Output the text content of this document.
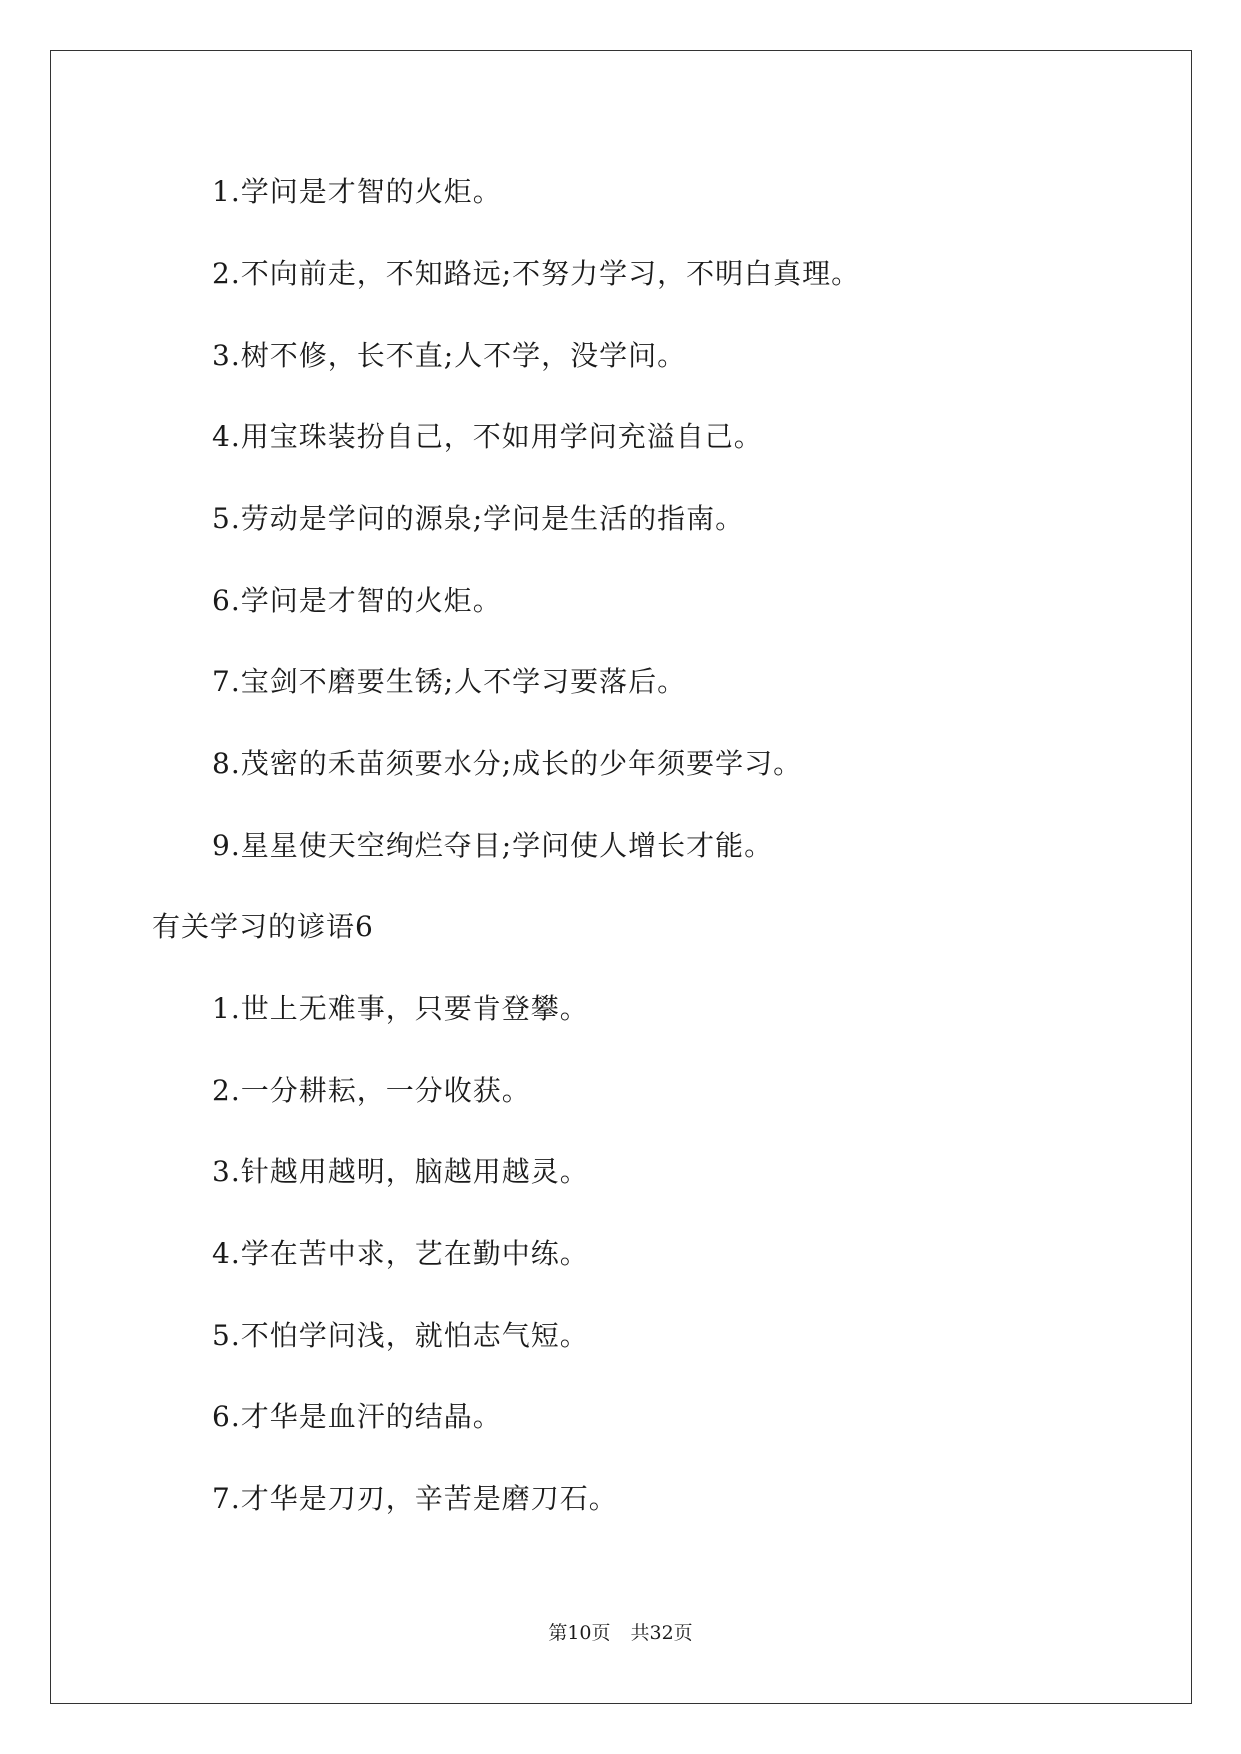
1.学问是才智的火炬。
2.不向前走，不知路远;不努力学习，不明白真理。
3.树不修，长不直;人不学，没学问。
4.用宝珠装扮自己，不如用学问充溢自己。
5.劳动是学问的源泉;学问是生活的指南。
6.学问是才智的火炬。
7.宝剑不磨要生锈;人不学习要落后。
8.茂密的禾苗须要水分;成长的少年须要学习。
9.星星使天空绚烂夺目;学问使人增长才能。
有关学习的谚语6
1.世上无难事，只要肯登攀。
2.一分耕耘，一分收获。
3.针越用越明，脑越用越灵。
4.学在苦中求，艺在勤中练。
5.不怕学问浅，就怕志气短。
6.才华是血汗的结晶。
7.才华是刀刃，辛苦是磨刀石。
第10页 共32页
